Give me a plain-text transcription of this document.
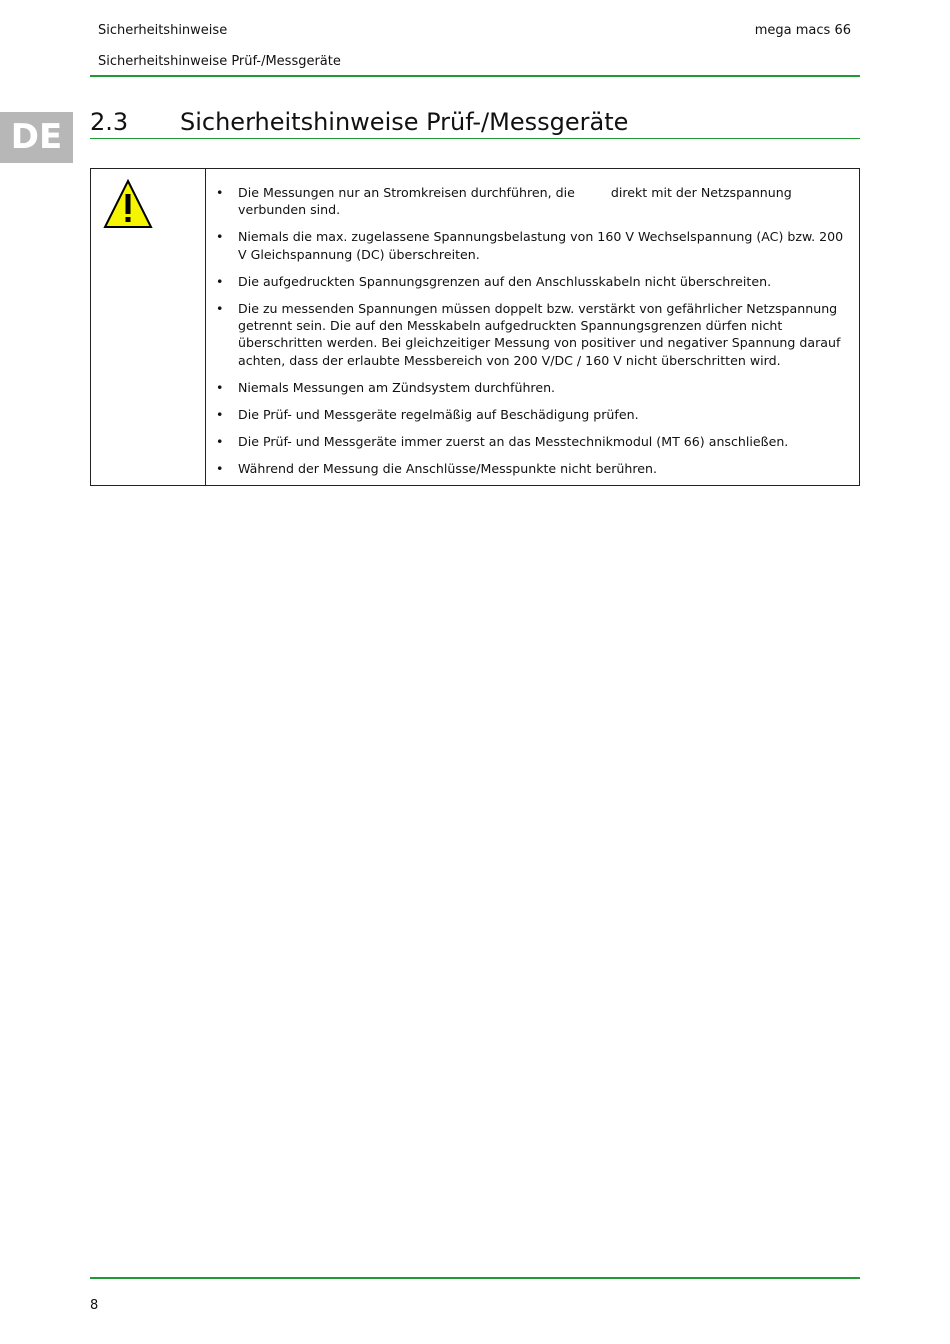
Sicherheitshinweise	mega macs 66
Sicherheitshinweise Prüf-/Messgeräte
DE	2.3 Sicherheitshinweise Prüf-/Messgeräte
• Die Messungen nur an Stromkreisen durchführen, die	direkt mit der Netzspannung verbunden sind.
• Niemals die max. zugelassene Spannungsbelastung von 160 V Wechselspannung (AC) bzw. 200 V Gleichspannung (DC) überschreiten.
• Die aufgedruckten Spannungsgrenzen auf den Anschlusskabeln nicht überschreiten.
• Die zu messenden Spannungen müssen doppelt bzw. verstärkt von gefährlicher Netzspannung getrennt sein. Die auf den Messkabeln aufgedruckten Spannungsgrenzen dürfen nicht überschritten werden. Bei gleichzeitiger Messung von positiver und negativer Spannung darauf achten, dass der erlaubte Messbereich von 200 V/DC / 160 V nicht überschritten wird.
• Niemals Messungen am Zündsystem durchführen.
• Die Prüf- und Messgeräte regelmäßig auf Beschädigung prüfen.
• Die Prüf- und Messgeräte immer zuerst an das Messtechnikmodul (MT 66) anschließen.
• Während der Messung die Anschlüsse/Messpunkte nicht berühren.
8
